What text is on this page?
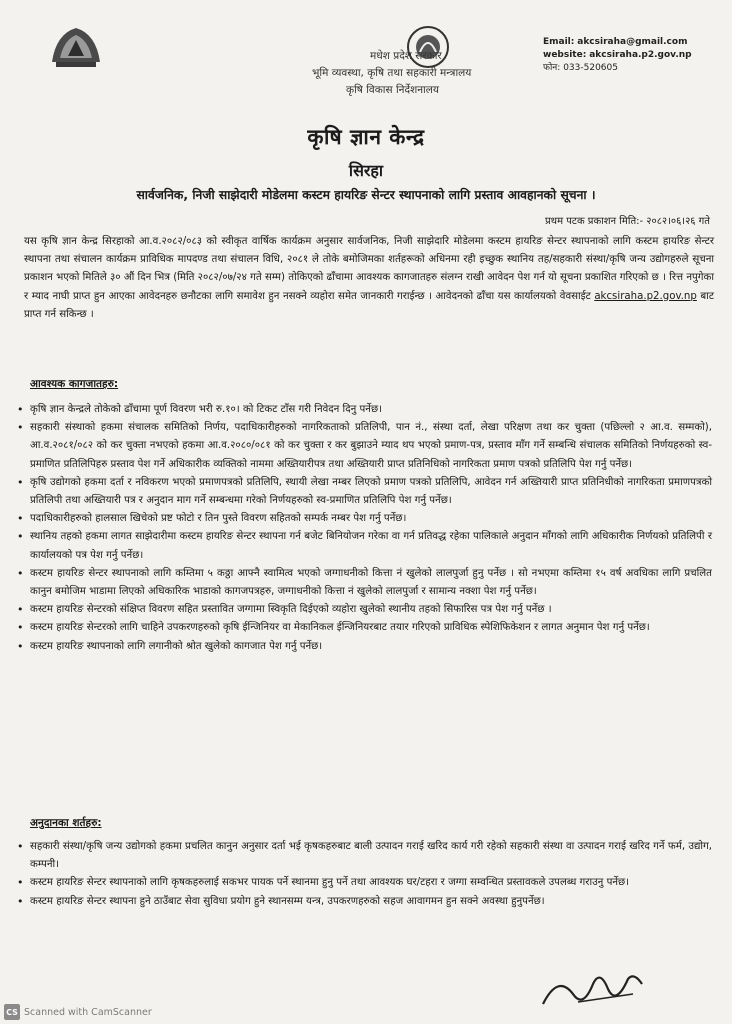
Email: akcsiraha@gmail.com
website: akcsiraha.p2.gov.np
फोन: 033-520605
मधेश प्रदेश सरकार
भूमि व्यवस्था, कृषि तथा सहकारी मन्त्रालय
कृषि विकास निर्देशनालय
कृषि ज्ञान केन्द्र
सिरहा
सार्वजनिक, निजी साझेदारी मोडेलमा कस्टम हायरिङ सेन्टर स्थापनाको लागि प्रस्ताव आवहानको सूचना ।
प्रथम पटक प्रकाशन मिति:- २०८२।०६।२६ गते
यस कृषि ज्ञान केन्द्र सिरहाको आ.व.२०८२/०८३ को स्वीकृत वार्षिक कार्यक्रम अनुसार सार्वजनिक, निजी साझेदारि मोडेलमा कस्टम हायरिङ सेन्टर स्थापनाको लागि कस्टम हायरिङ सेन्टर स्थापना तथा संचालन कार्यक्रम प्राविधिक मापदण्ड तथा संचालन विधि, २०८१ ले तोके बमोजिमका शर्तहरूको अधिनमा रही इच्छुक स्थानिय तह/सहकारी संस्था/कृषि जन्य उद्योगहरुले सूचना प्रकाशन भएको मितिले ३० औं दिन भित्र (मिति २०८२/०७/२४ गते सम्म) तोकिएको ढाँचामा आवश्यक कागजातहरु संलग्न राखी आवेदन पेश गर्न यो सूचना प्रकाशित गरिएको छ । रित्त नपुगेका र म्याद नाघी प्राप्त हुन आएका आवेदनहरु छनौटका लागि समावेश हुन नसक्ने व्यहोरा समेत जानकारी गराईन्छ । आवेदनको ढाँचा यस कार्यालयको वेवसाईट akcsiraha.p2.gov.np बाट प्राप्त गर्न सकिन्छ ।
आवश्यक कागजातहरु:
• कृषि ज्ञान केन्द्रले तोकेको ढाँचामा पूर्ण विवरण भरी रु.१०। को टिकट टाँस गरी निवेदन दिनु पर्नेछ।
• सहकारी संस्थाको हकमा संचालक समितिको निर्णय, पदाधिकारीहरुको नागरिकताको प्रतिलिपी, पान नं., संस्था दर्ता, लेखा परिक्षण तथा कर चुक्ता (पछिल्लो २ आ.व. सम्मको), आ.व.२०८१/०८२ को कर चुक्ता नभएको हकमा आ.व.२०८०/०८१ को कर चुक्ता र कर बुझाउने म्याद थप भएको प्रमाण-पत्र, प्रस्ताव माँग गर्ने सम्बन्धि संचालक समितिको निर्णयहरुको स्व-प्रमाणित प्रतिलिपिहरु प्रस्ताव पेश गर्ने अधिकारीक व्यक्तिको नाममा अख्तियारीपत्र तथा अख्तियारी प्राप्त प्रतिनिधिको नागरिकता प्रमाण पत्रको प्रतिलिपि पेश गर्नु पर्नेछ।
• कृषि उद्योगको हकमा दर्ता र नविकरण भएको प्रमाणपत्रको प्रतिलिपि, स्थायी लेखा नम्बर लिएको प्रमाण पत्रको प्रतिलिपि, आवेदन गर्न अख्तियारी प्राप्त प्रतिनिधीको नागरिकता प्रमाणपत्रको प्रतिलिपी तथा अख्तियारी पत्र र अनुदान माग गर्ने सम्बन्धमा गरेको निर्णयहरुको स्व-प्रमाणित प्रतिलिपि पेश गर्नु पर्नेछ।
• पदाधिकारीहरुको हालसाल खिचेको प्रष्ट फोटो र तिन पुस्ते विवरण सहितको सम्पर्क नम्बर पेश गर्नु पर्नेछ।
• स्थानिय तहको हकमा लागत साझेदारीमा कस्टम हायरिङ सेन्टर स्थापना गर्न बजेट बिनियोजन गरेका वा गर्न प्रतिवद्ध रहेका पालिकाले अनुदान माँगको लागि अधिकारीक निर्णयको प्रतिलिपी र कार्यालयको पत्र पेश गर्नु पर्नेछ।
• कस्टम हायरिङ सेन्टर स्थापनाको लागि कम्तिमा ५ कठ्ठा आफ्नै स्वामित्व भएको जग्गाधनीको कित्ता नं खुलेको लालपुर्जा हुनु पर्नेछ । सो नभएमा कम्तिमा १५ वर्ष अवधिका लागि प्रचलित कानुन बमोजिम भाडामा लिएको अधिकारिक भाडाको कागजपत्रहरु, जग्गाधनीको कित्ता नं खुलेको लालपुर्जा र सामान्य नक्शा पेश गर्नु पर्नेछ।
• कस्टम हायरिङ सेन्टरको संक्षिप्त विवरण सहित प्रस्तावित जग्गामा स्विकृति दिईएको व्यहोरा खुलेको स्थानीय तहको सिफारिस पत्र पेश गर्नु पर्नेछ ।
• कस्टम हायरिङ सेन्टरको लागि चाहिने उपकरणहरुको कृषि ईन्जिनियर वा मेकानिकल ईन्जिनियरबाट तयार गरिएको प्राविधिक स्पेशिफिकेशन र लागत अनुमान पेश गर्नु पर्नेछ।
• कस्टम हायरिङ स्थापनाको लागि लगानीको श्रोत खुलेको कागजात पेश गर्नु पर्नेछ।
अनुदानका शर्तहरु:
• सहकारी संस्था/कृषि जन्य उद्योगको हकमा प्रचलित कानुन अनुसार दर्ता भई कृषकहरुबाट बाली उत्पादन गराई खरिद कार्य गरी रहेको सहकारी संस्था वा उत्पादन गराई खरिद गर्ने फर्म, उद्योग, कम्पनी।
• कस्टम हायरिङ सेन्टर स्थापनाको लागि कृषकहरुलाई सकभर पायक पर्ने स्थानमा हुनु पर्ने तथा आवश्यक घर/टहरा र जग्गा सम्वन्धित प्रस्तावकले उपलब्ध गराउनु पर्नेछ।
• कस्टम हायरिङ सेन्टर स्थापना हुने ठाउँबाट सेवा सुविधा प्रयोग हुने स्थानसम्म यन्त्र, उपकरणहरुको सहज आवागमन हुन सक्ने अवस्था हुनुपर्नेछ।
CS Scanned with CamScanner
